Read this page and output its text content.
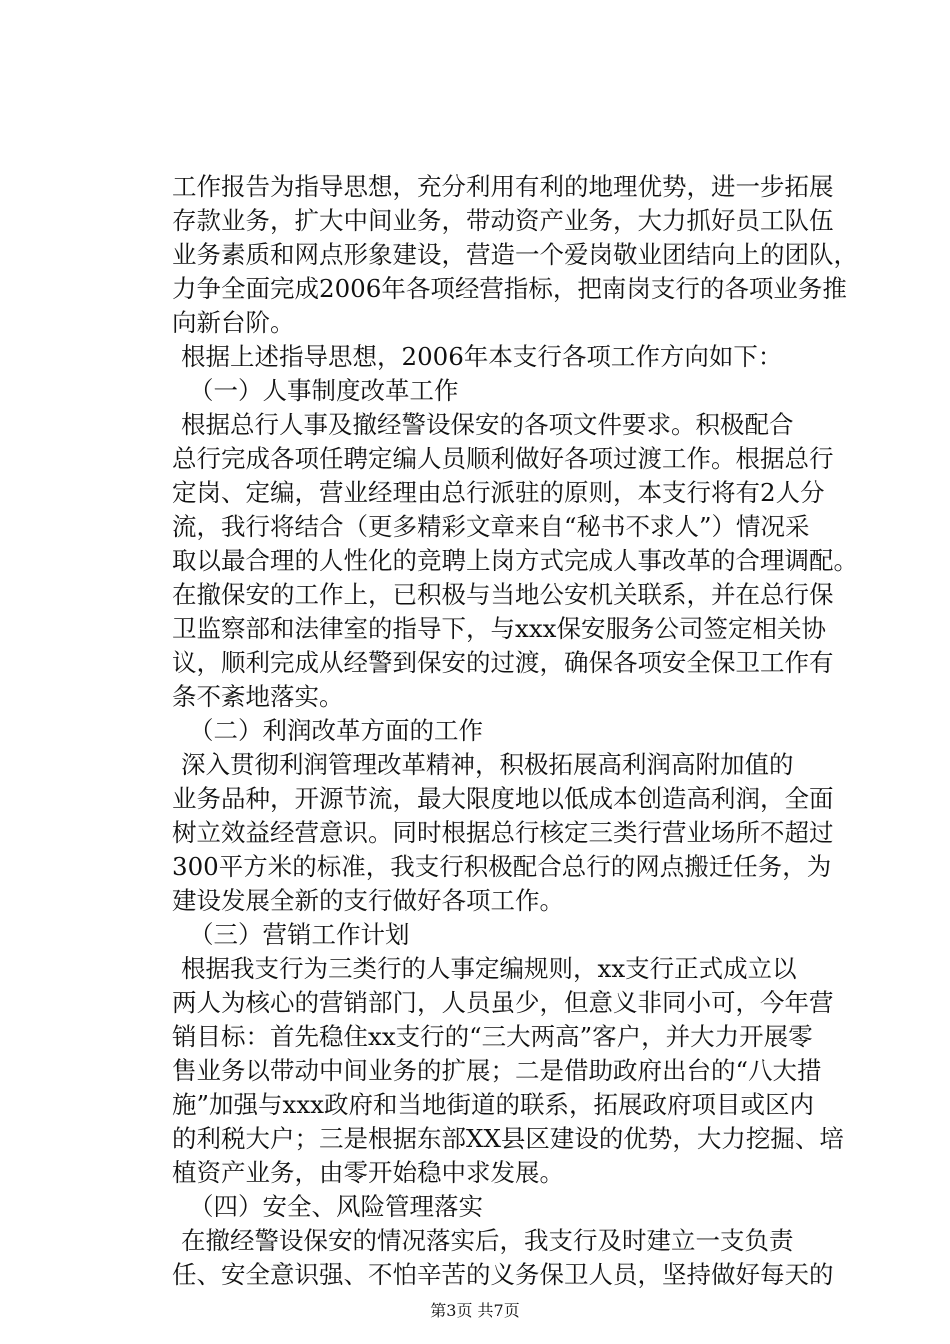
工作报告为指导思想，充分利用有利的地理优势，进一步拓展
存款业务，扩大中间业务，带动资产业务，大力抓好员工队伍
业务素质和网点形象建设，营造一个爱岗敬业团结向上的团队，
力争全面完成2006年各项经营指标，把南岗支行的各项业务推
向新台阶。
根据上述指导思想，2006年本支行各项工作方向如下：
（一）人事制度改革工作
根据总行人事及撤经警设保安的各项文件要求。积极配合
总行完成各项任聘定编人员顺利做好各项过渡工作。根据总行
定岗、定编，营业经理由总行派驻的原则，本支行将有2人分
流，我行将结合（更多精彩文章来自“秘书不求人”）情况采
取以最合理的人性化的竞聘上岗方式完成人事改革的合理调配。
在撤保安的工作上，已积极与当地公安机关联系，并在总行保
卫监察部和法律室的指导下，与xxx保安服务公司签定相关协
议，顺利完成从经警到保安的过渡，确保各项安全保卫工作有
条不紊地落实。
（二）利润改革方面的工作
深入贯彻利润管理改革精神，积极拓展高利润高附加值的
业务品种，开源节流，最大限度地以低成本创造高利润，全面
树立效益经营意识。同时根据总行核定三类行营业场所不超过
300平方米的标准，我支行积极配合总行的网点搬迁任务，为
建设发展全新的支行做好各项工作。
（三）营销工作计划
根据我支行为三类行的人事定编规则，xx支行正式成立以
两人为核心的营销部门，人员虽少，但意义非同小可，今年营
销目标：首先稳住xx支行的“三大两高”客户，并大力开展零
售业务以带动中间业务的扩展；二是借助政府出台的“八大措
施”加强与xxx政府和当地街道的联系，拓展政府项目或区内
的利税大户；三是根据东部XX县区建设的优势，大力挖掘、培
植资产业务，由零开始稳中求发展。
（四）安全、风险管理落实
在撤经警设保安的情况落实后，我支行及时建立一支负责
任、安全意识强、不怕辛苦的义务保卫人员，坚持做好每天的
第3页 共7页
